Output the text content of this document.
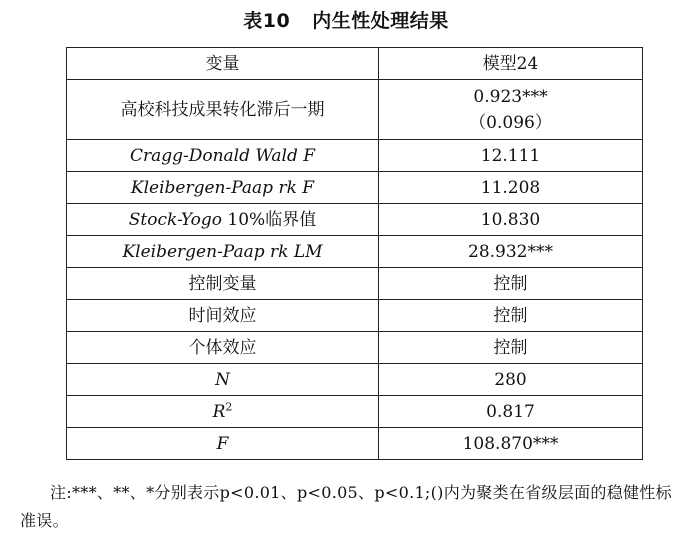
表10 内生性处理结果
变量	模型24
高校科技成果转化滞后一期	0.923***
（0.096）

Cragg-Donald Wald F	12.111
Kleibergen-Paap rk F	11.208
Stock-Yogo 10%临界值	10.830
Kleibergen-Paap rk LM	28.932***
控制变量	控制
时间效应	控制
个体效应	控制
N	280
$R^2$	0.817
F	108.870***
注:***、**、*分别表示p<0.01、p<0.05、p<0.1;()内为聚类在省级层面的稳健性标准误。
